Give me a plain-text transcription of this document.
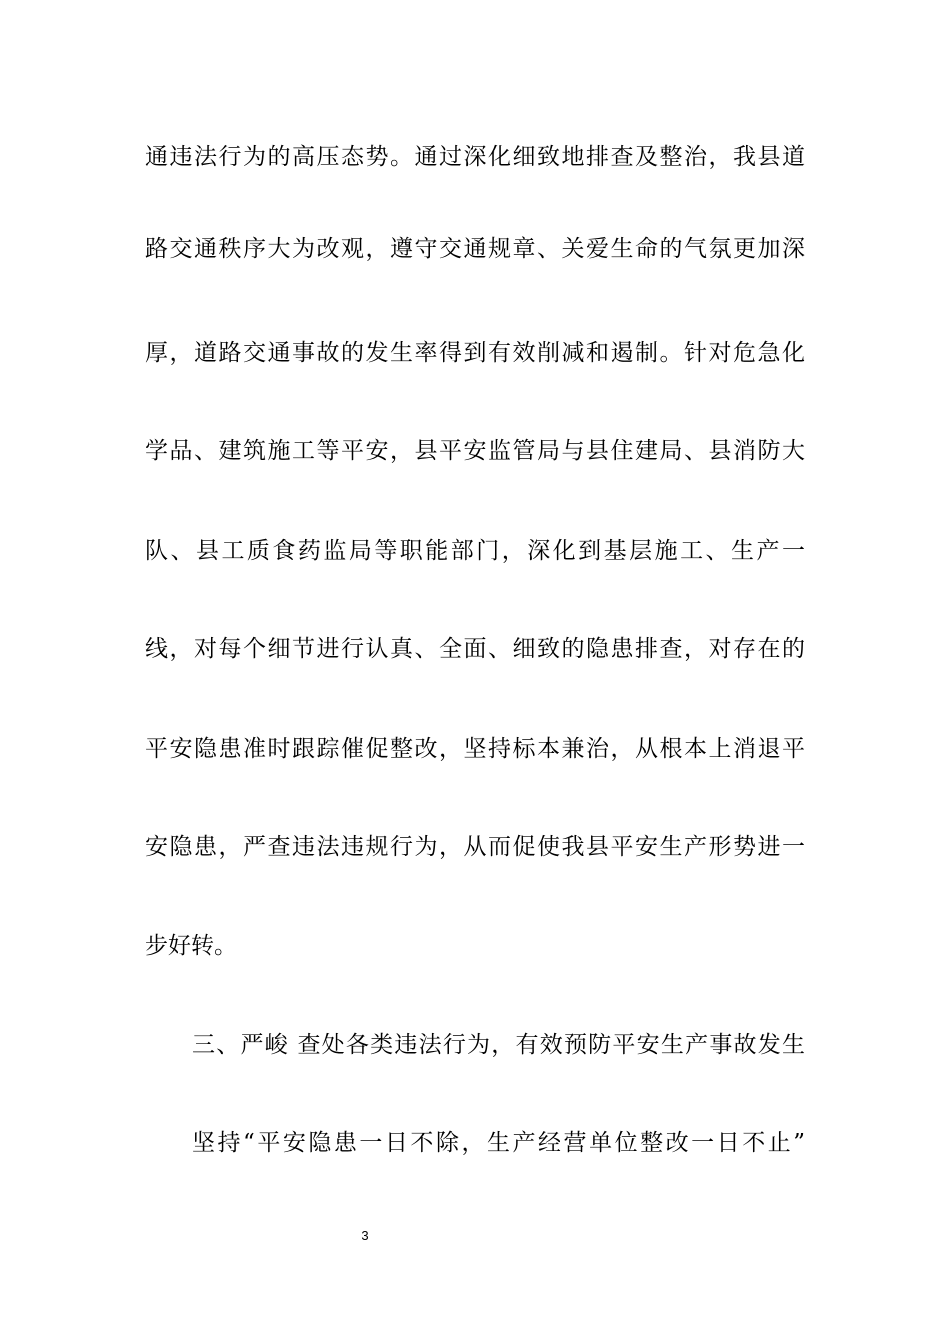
通违法行为的高压态势。通过深化细致地排查及整治，我县道
路交通秩序大为改观，遵守交通规章、关爱生命的气氛更加深
厚，道路交通事故的发生率得到有效削减和遏制。针对危急化
学品、建筑施工等平安，县平安监管局与县住建局、县消防大
队、县工质食药监局等职能部门，深化到基层施工、生产一
线，对每个细节进行认真、全面、细致的隐患排查，对存在的
平安隐患准时跟踪催促整改，坚持标本兼治，从根本上消退平
安隐患，严查违法违规行为，从而促使我县平安生产形势进一
步好转。
三、严峻 查处各类违法行为，有效预防平安生产事故发生
坚持“平安隐患一日不除，生产经营单位整改一日不止”
3
